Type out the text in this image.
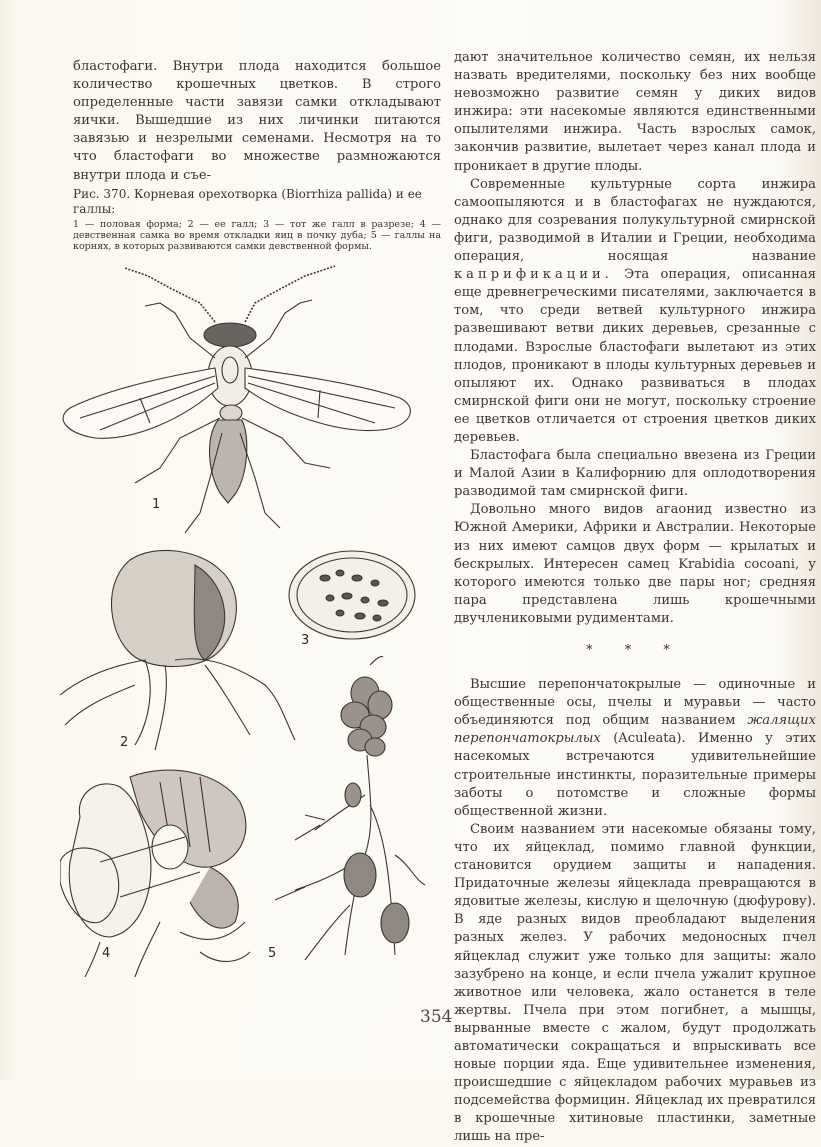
бластофаги. Внутри плода находится большое количество крошечных цветков. В строго определенные части завязи самки откладывают яички. Вышедшие из них личинки питаются завязью и незрелыми семенами. Несмотря на то что бластофаги во множестве размножаются внутри плода и съе-

Рис. 370. Корневая орехотворка (Biorrhiza pallida) и ее галлы:

1 — половая форма; 2 — ее галл; 3 — тот же галл в разрезе; 4 — девственная самка во время откладки яиц в почку дуба; 5 — галлы на корнях, в которых развиваются самки девственной формы.

1
2
3
4	5

дают значительное количество семян, их нельзя назвать вредителями, поскольку без них вообще невозможно развитие семян у диких видов инжира: эти насекомые являются единственными опылителями инжира. Часть взрослых самок, закончив развитие, вылетает через канал плода и проникает в другие плоды.

Современные культурные сорта инжира самоопыляются и в бластофагах не нуждаются, однако для созревания полукультурной смирнской фиги, разводимой в Италии и Греции, необходима операция, носящая название капрификации. Эта операция, описанная еще древнегреческими писателями, заключается в том, что среди ветвей культурного инжира развешивают ветви диких деревьев, срезанные с плодами. Взрослые бластофаги вылетают из этих плодов, проникают в плоды культурных деревьев и опыляют их. Однако развиваться в плодах смирнской фиги они не могут, поскольку строение ее цветков отличается от строения цветков диких деревьев.

Бластофага была специально ввезена из Греции и Малой Азии в Калифорнию для оплодотворения разводимой там смирнской фиги.

Довольно много видов агаонид известно из Южной Америки, Африки и Австралии. Некоторые из них имеют самцов двух форм — крылатых и бескрылых. Интересен самец Krabidia cocoani, у которого имеются только две пары ног; средняя пара представлена лишь крошечными двучлениковыми рудиментами.

* * *

Высшие перепончатокрылые — одиночные и общественные осы, пчелы и муравьи — часто объединяются под общим названием жалящих перепончатокрылых (Aculeata). Именно у этих насекомых встречаются удивительнейшие строительные инстинкты, поразительные примеры заботы о потомстве и сложные формы общественной жизни.

Своим названием эти насекомые обязаны тому, что их яйцеклад, помимо главной функции, становится орудием защиты и нападения. Придаточные железы яйцеклада превращаются в ядовитые железы, кислую и щелочную (дюфурову). В яде разных видов преобладают выделения разных желез. У рабочих медоносных пчел яйцеклад служит уже только для защиты: жало зазубрено на конце, и если пчела ужалит крупное животное или человека, жало останется в теле жертвы. Пчела при этом погибнет, а мышцы, вырванные вместе с жалом, будут продолжать автоматически сокращаться и впрыскивать все новые порции яда. Еще удивительнее изменения, происшедшие с яйцекладом рабочих муравьев из подсемейства формицин. Яйцеклад их превратился в крошечные хитиновые пластинки, заметные лишь на пре-

354
